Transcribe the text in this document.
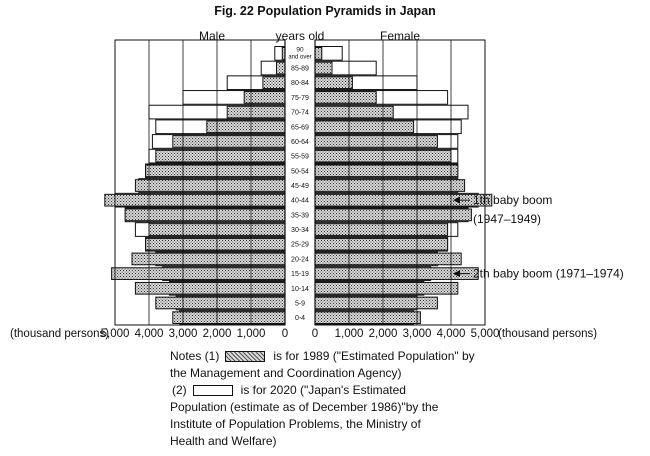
Fig. 22 Population Pyramids in Japan
Male	years old	Female
0-4
5-9
10-14
15-19
20-24
25-29
30-34
35-39
40-44
45-49
50-54
55-59
60-64
65-69
70-74
75-79
80-84
85-89
90
and over
5,000 4,000 3,000 2,000 1,000 0 0 1,000 2,000 3,000 4,000 5,000
(thousand persons)	(thousand persons)
1th baby boom
(1947–1949)
2th baby boom (1971–1974)
Notes (1)	is for 1989 ("Estimated Population" by
the Management and Coordination Agency)
(2)	is for 2020 ("Japan's Estimated
Population (estimate as of December 1986)"by the
Institute of Population Problems, the Ministry of
Health and Welfare)
